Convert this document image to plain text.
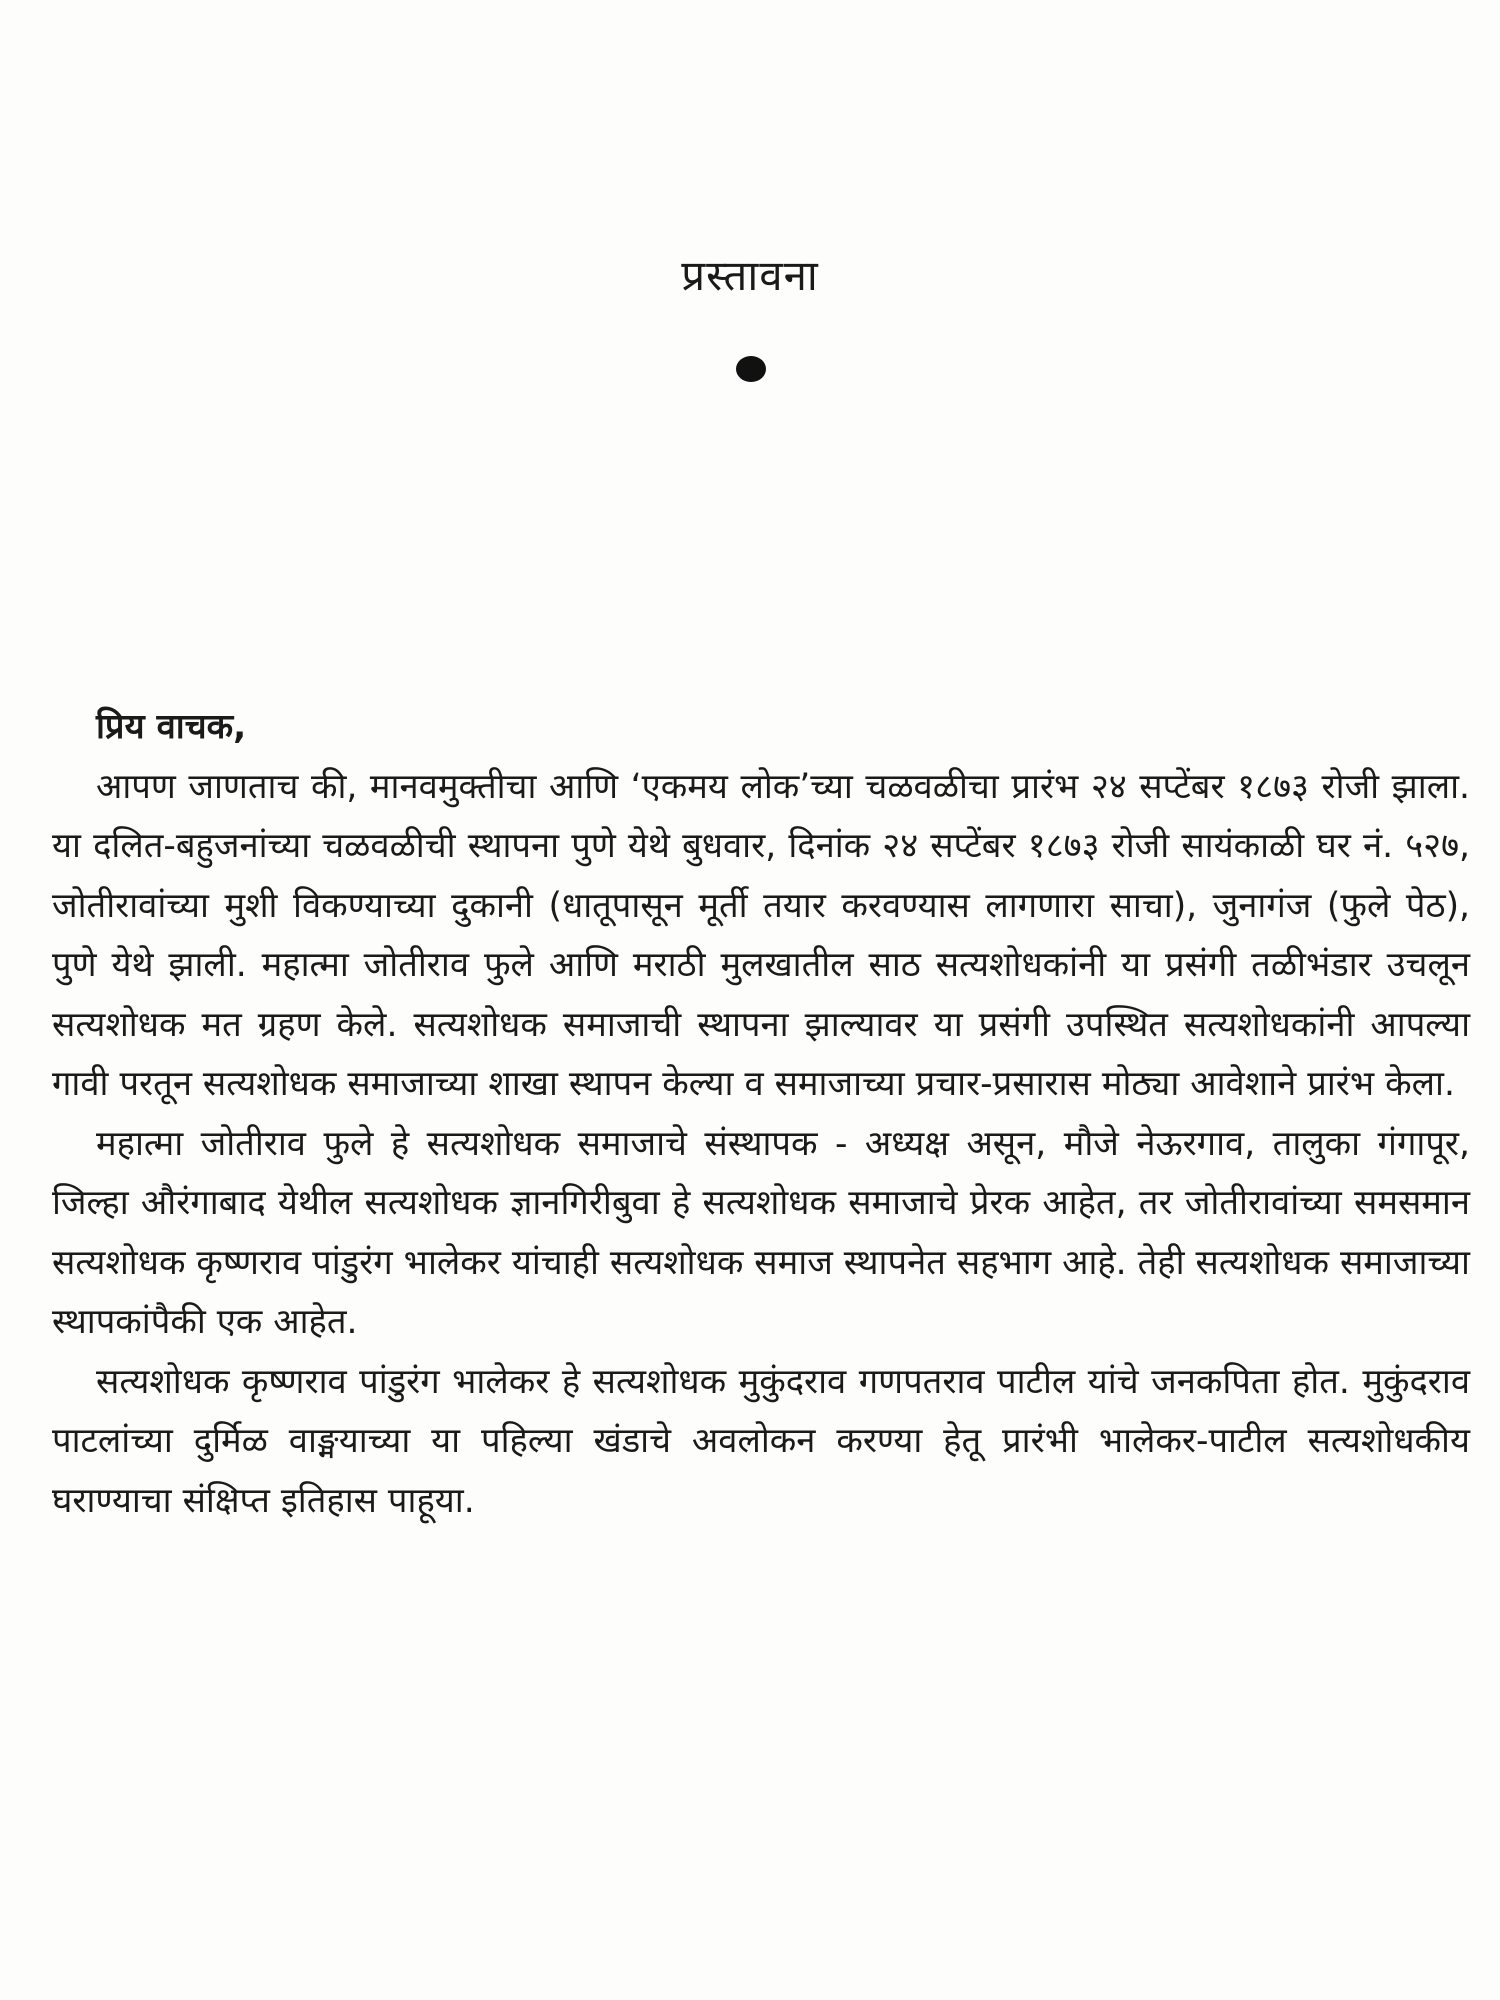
प्रस्तावना

प्रिय वाचक,

आपण जाणताच की, मानवमुक्तीचा आणि ‘एकमय लोक’च्या चळवळीचा प्रारंभ २४ सप्टेंबर १८७३ रोजी झाला. या दलित-बहुजनांच्या चळवळीची स्थापना पुणे येथे बुधवार, दिनांक २४ सप्टेंबर १८७३ रोजी सायंकाळी घर नं. ५२७, जोतीरावांच्या मुशी विकण्याच्या दुकानी (धातूपासून मूर्ती तयार करवण्यास लागणारा साचा), जुनागंज (फुले पेठ), पुणे येथे झाली. महात्मा जोतीराव फुले आणि मराठी मुलखातील साठ सत्यशोधकांनी या प्रसंगी तळीभंडार उचलून सत्यशोधक मत ग्रहण केले. सत्यशोधक समाजाची स्थापना झाल्यावर या प्रसंगी उपस्थित सत्यशोधकांनी आपल्या गावी परतून सत्यशोधक समाजाच्या शाखा स्थापन केल्या व समाजाच्या प्रचार-प्रसारास मोठ्या आवेशाने प्रारंभ केला.

महात्मा जोतीराव फुले हे सत्यशोधक समाजाचे संस्थापक - अध्यक्ष असून, मौजे नेऊरगाव, तालुका गंगापूर, जिल्हा औरंगाबाद येथील सत्यशोधक ज्ञानगिरीबुवा हे सत्यशोधक समाजाचे प्रेरक आहेत, तर जोतीरावांच्या समसमान सत्यशोधक कृष्णराव पांडुरंग भालेकर यांचाही सत्यशोधक समाज स्थापनेत सहभाग आहे. तेही सत्यशोधक समाजाच्या स्थापकांपैकी एक आहेत.

सत्यशोधक कृष्णराव पांडुरंग भालेकर हे सत्यशोधक मुकुंदराव गणपतराव पाटील यांचे जनकपिता होत. मुकुंदराव पाटलांच्या दुर्मिळ वाङ्मयाच्या या पहिल्या खंडाचे अवलोकन करण्या हेतू प्रारंभी भालेकर-पाटील सत्यशोधकीय घराण्याचा संक्षिप्त इतिहास पाहूया.
